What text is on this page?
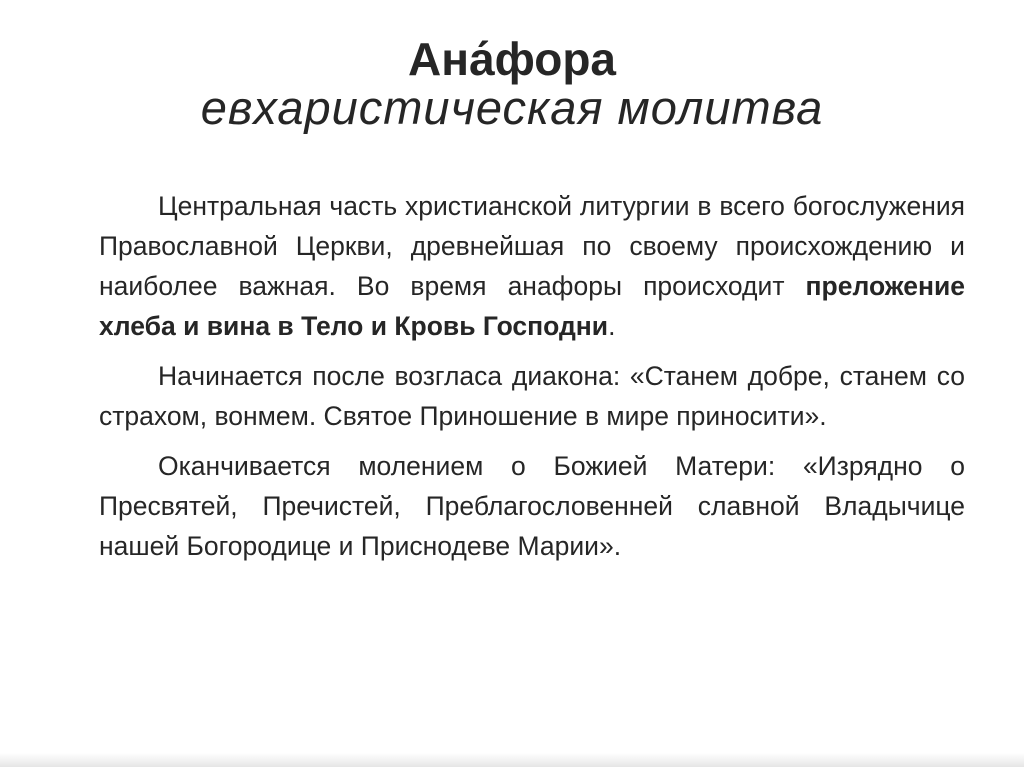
Ана́фора
евхаристическая молитва

Центральная часть христианской литургии в всего богослужения Православной Церкви, древнейшая по своему происхождению и наиболее важная. Во время анафоры происходит преложение хлеба и вина в Тело и Кровь Господни.

Начинается после возгласа диакона: «Станем добре, станем со страхом, вонмем. Святое Приношение в мире приносити».

Оканчивается молением о Божией Матери: «Изрядно о Пресвятей, Пречистей, Преблагословенней славной Владычице нашей Богородице и Приснодеве Марии».
